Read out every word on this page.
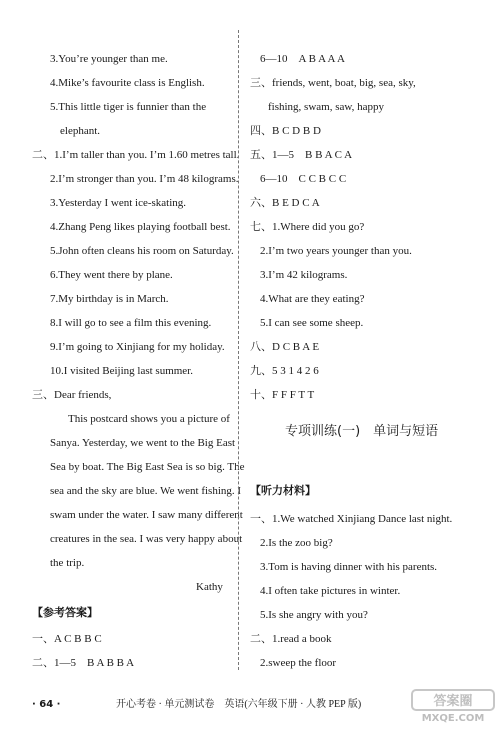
3.You’re younger than me.
4.Mike’s favourite class is English.
5.This little tiger is funnier than the
elephant.
二、1.I’m taller than you. I’m 1.60 metres tall.
2.I’m stronger than you. I’m 48 kilograms.
3.Yesterday I went ice-skating.
4.Zhang Peng likes playing football best.
5.John often cleans his room on Saturday.
6.They went there by plane.
7.My birthday is in March.
8.I will go to see a film this evening.
9.I’m going to Xinjiang for my holiday.
10.I visited Beijing last summer.
三、Dear friends,
This postcard shows you a picture of
Sanya. Yesterday, we went to the Big East
Sea by boat. The Big East Sea is so big. The
sea and the sky are blue. We went fishing. I
swam under the water. I saw many different
creatures in the sea. I was very happy about
the trip.
Kathy
【参考答案】
一、A C B B C
二、1—5　B A B B A
6—10　A B A A A
三、friends, went, boat, big, sea, sky,
fishing, swam, saw, happy
四、B C D B D
五、1—5　B B A C A
6—10　C C B C C
六、B E D C A
七、1.Where did you go?
2.I’m two years younger than you.
3.I’m 42 kilograms.
4.What are they eating?
5.I can see some sheep.
八、D C B A E
九、5 3 1 4 2 6
十、F F F T T
专项训练(一)　单词与短语
【听力材料】
一、1.We watched Xinjiang Dance last night.
2.Is the zoo big?
3.Tom is having dinner with his parents.
4.I often take pictures in winter.
5.Is she angry with you?
二、1.read a book
2.sweep the floor
· 64 ·	开心考卷 · 单元测试卷　英语(六年级下册 · 人教 PEP 版)	答案圈
MXQE.COM
